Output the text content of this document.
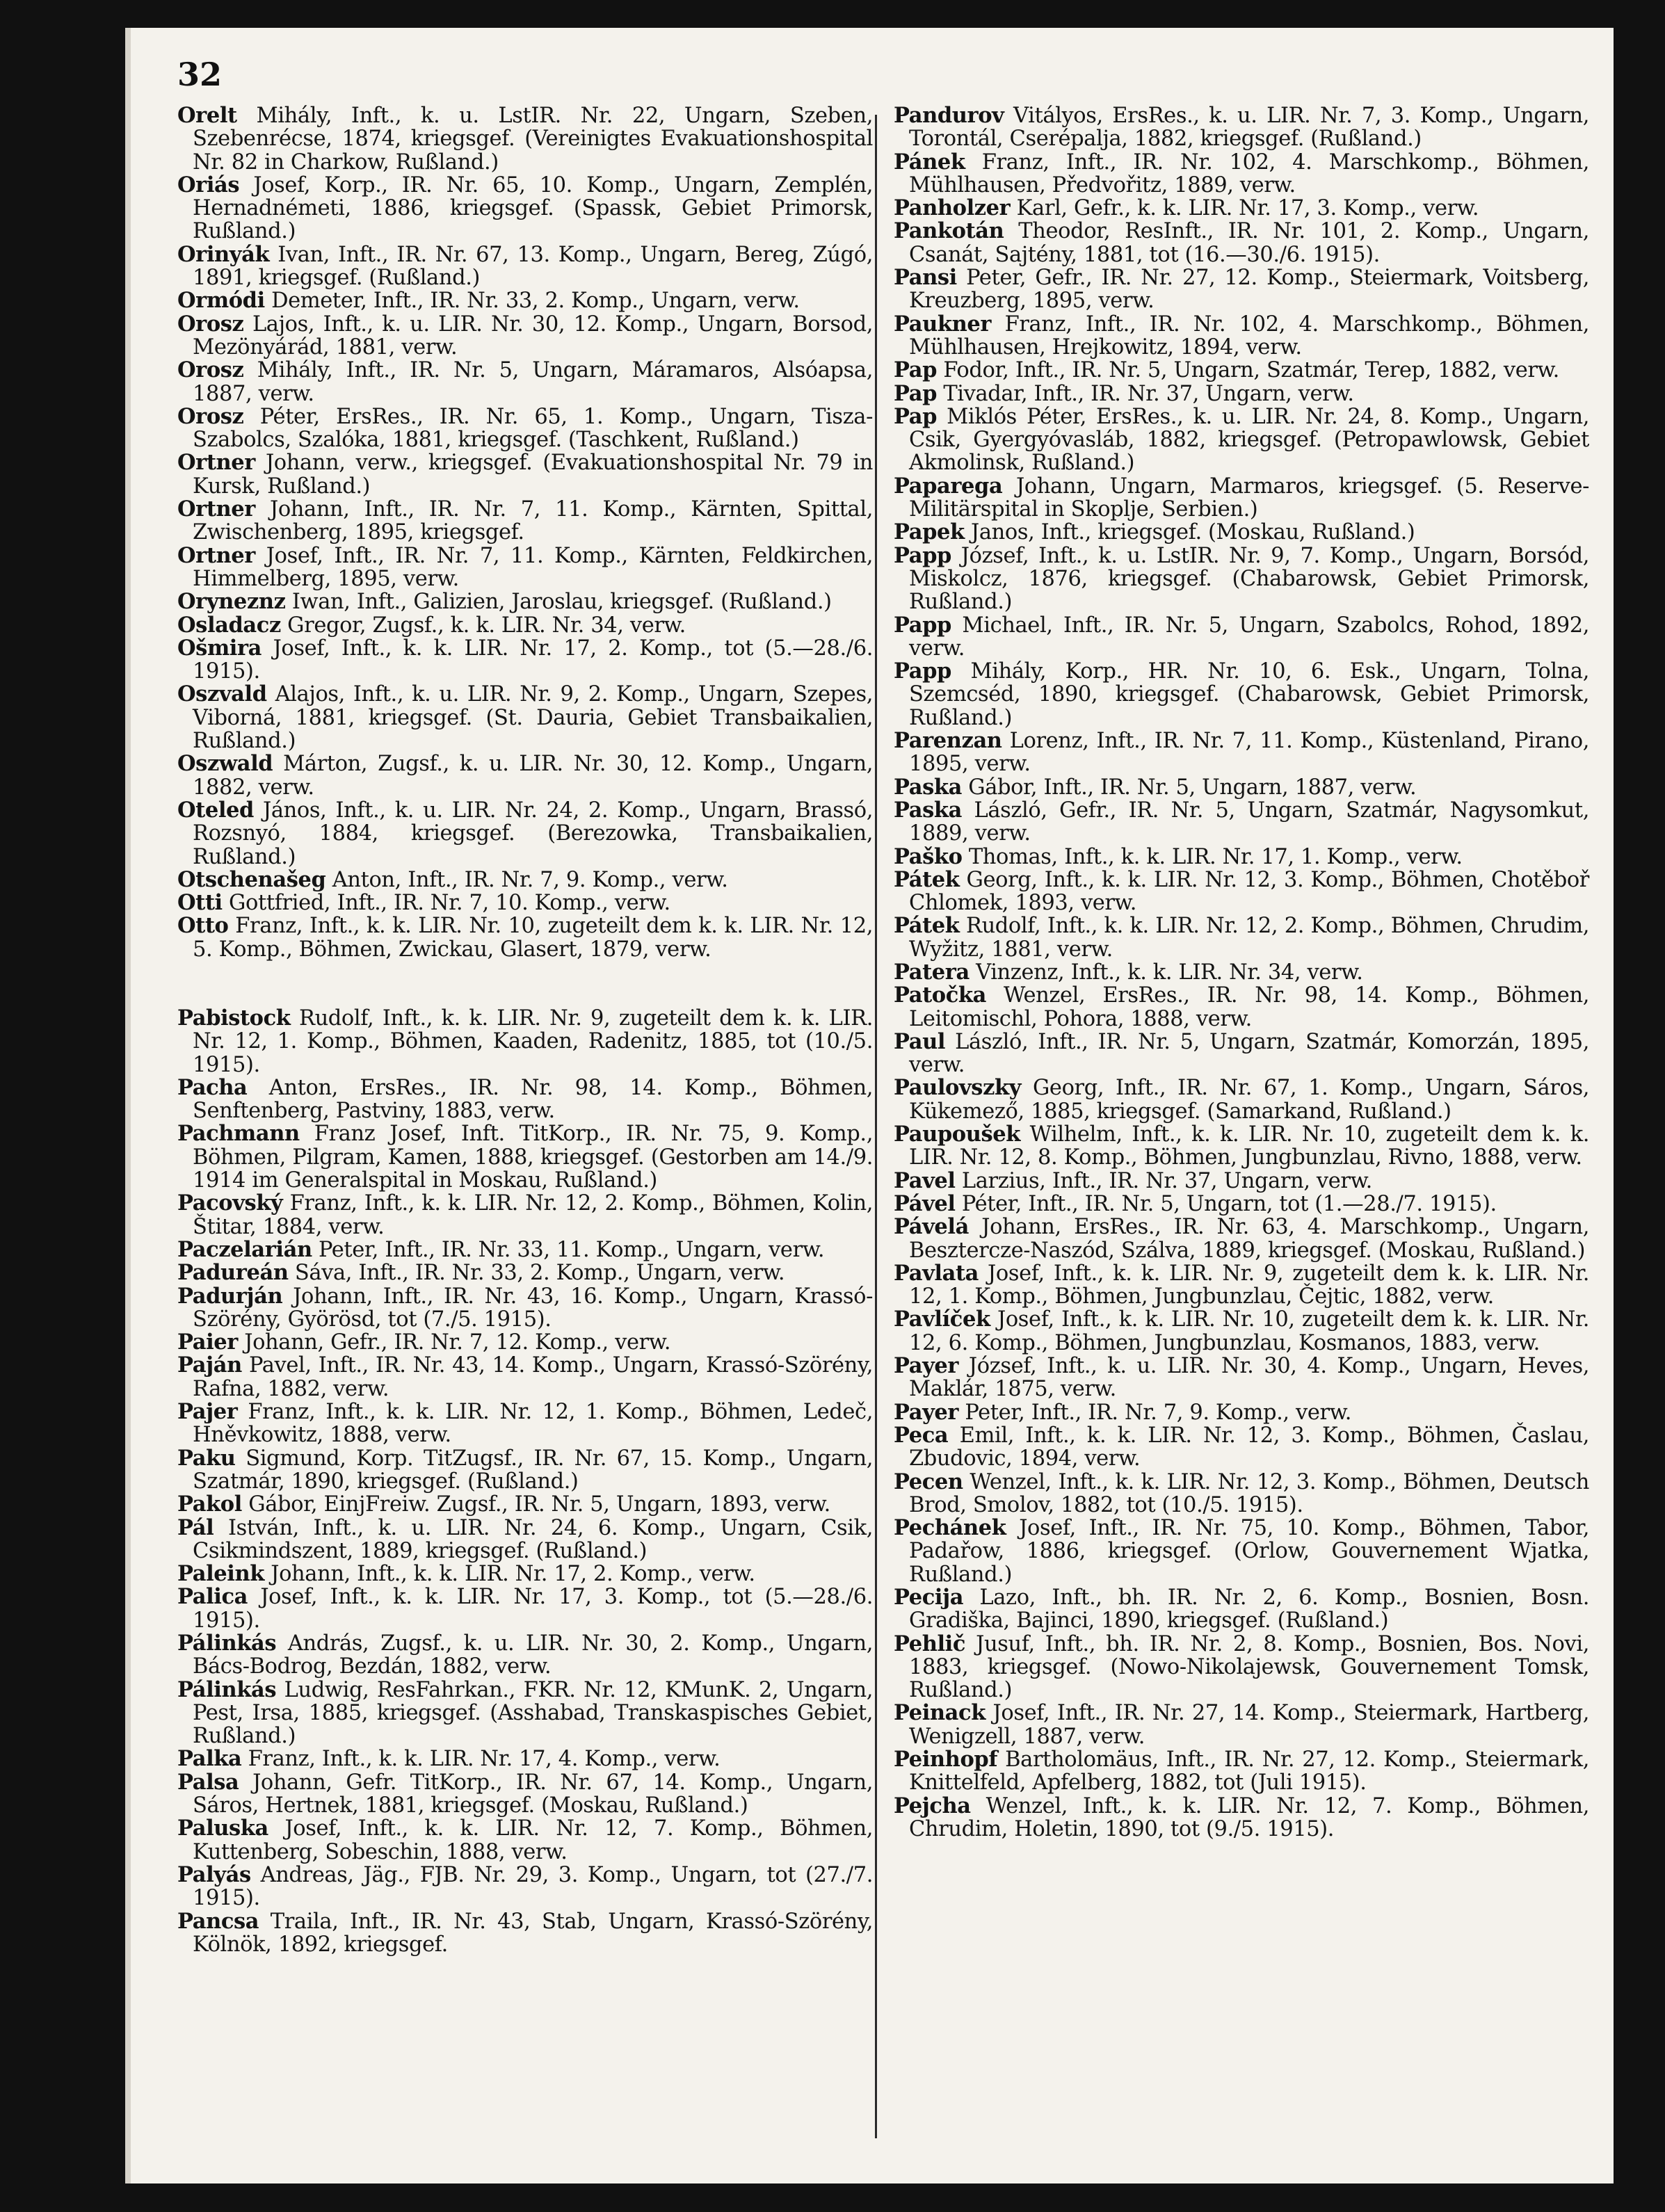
32

Orelt Mihály, Inft., k. u. LstIR. Nr. 22, Ungarn, Szeben, Szebenrécse, 1874, kriegsgef. (Vereinigtes Evakuationshospital Nr. 82 in Charkow, Rußland.)

Oriás Josef, Korp., IR. Nr. 65, 10. Komp., Ungarn, Zemplén, Hernadnémeti, 1886, kriegsgef. (Spassk, Gebiet Primorsk, Rußland.)

Orinyák Ivan, Inft., IR. Nr. 67, 13. Komp., Ungarn, Bereg, Zúgó, 1891, kriegsgef. (Rußland.)

Ormódi Demeter, Inft., IR. Nr. 33, 2. Komp., Ungarn, verw.

Orosz Lajos, Inft., k. u. LIR. Nr. 30, 12. Komp., Ungarn, Borsod, Mezönyárád, 1881, verw.

Orosz Mihály, Inft., IR. Nr. 5, Ungarn, Máramaros, Alsóapsa, 1887, verw.

Orosz Péter, ErsRes., IR. Nr. 65, 1. Komp., Ungarn, Tisza-Szabolcs, Szalóka, 1881, kriegsgef. (Taschkent, Rußland.)

Ortner Johann, verw., kriegsgef. (Evakuationshospital Nr. 79 in Kursk, Rußland.)

Ortner Johann, Inft., IR. Nr. 7, 11. Komp., Kärnten, Spittal, Zwischenberg, 1895, kriegsgef.

Ortner Josef, Inft., IR. Nr. 7, 11. Komp., Kärnten, Feldkirchen, Himmelberg, 1895, verw.

Oryneznz Iwan, Inft., Galizien, Jaroslau, kriegsgef. (Rußland.)

Osladacz Gregor, Zugsf., k. k. LIR. Nr. 34, verw.

Ošmira Josef, Inft., k. k. LIR. Nr. 17, 2. Komp., tot (5.—28./6. 1915).

Oszvald Alajos, Inft., k. u. LIR. Nr. 9, 2. Komp., Ungarn, Szepes, Viborná, 1881, kriegsgef. (St. Dauria, Gebiet Transbaikalien, Rußland.)

Oszwald Márton, Zugsf., k. u. LIR. Nr. 30, 12. Komp., Ungarn, 1882, verw.

Oteled János, Inft., k. u. LIR. Nr. 24, 2. Komp., Ungarn, Brassó, Rozsnyó, 1884, kriegsgef. (Berezowka, Transbaikalien, Rußland.)

Otschenašeg Anton, Inft., IR. Nr. 7, 9. Komp., verw.

Otti Gottfried, Inft., IR. Nr. 7, 10. Komp., verw.

Otto Franz, Inft., k. k. LIR. Nr. 10, zugeteilt dem k. k. LIR. Nr. 12, 5. Komp., Böhmen, Zwickau, Glasert, 1879, verw.

Pabistock Rudolf, Inft., k. k. LIR. Nr. 9, zugeteilt dem k. k. LIR. Nr. 12, 1. Komp., Böhmen, Kaaden, Radenitz, 1885, tot (10./5. 1915).

Pacha Anton, ErsRes., IR. Nr. 98, 14. Komp., Böhmen, Senftenberg, Pastviny, 1883, verw.

Pachmann Franz Josef, Inft. TitKorp., IR. Nr. 75, 9. Komp., Böhmen, Pilgram, Kamen, 1888, kriegsgef. (Gestorben am 14./9. 1914 im Generalspital in Moskau, Rußland.)

Pacovský Franz, Inft., k. k. LIR. Nr. 12, 2. Komp., Böhmen, Kolin, Štitar, 1884, verw.

Paczelarián Peter, Inft., IR. Nr. 33, 11. Komp., Ungarn, verw.

Padureán Sáva, Inft., IR. Nr. 33, 2. Komp., Ungarn, verw.

Padurján Johann, Inft., IR. Nr. 43, 16. Komp., Ungarn, Krassó-Szörény, Györösd, tot (7./5. 1915).

Paier Johann, Gefr., IR. Nr. 7, 12. Komp., verw.

Paján Pavel, Inft., IR. Nr. 43, 14. Komp., Ungarn, Krassó-Szörény, Rafna, 1882, verw.

Pajer Franz, Inft., k. k. LIR. Nr. 12, 1. Komp., Böhmen, Ledeč, Hněvkowitz, 1888, verw.

Paku Sigmund, Korp. TitZugsf., IR. Nr. 67, 15. Komp., Ungarn, Szatmár, 1890, kriegsgef. (Rußland.)

Pakol Gábor, EinjFreiw. Zugsf., IR. Nr. 5, Ungarn, 1893, verw.

Pál István, Inft., k. u. LIR. Nr. 24, 6. Komp., Ungarn, Csik, Csikmindszent, 1889, kriegsgef. (Rußland.)

Paleink Johann, Inft., k. k. LIR. Nr. 17, 2. Komp., verw.

Palica Josef, Inft., k. k. LIR. Nr. 17, 3. Komp., tot (5.—28./6. 1915).

Pálinkás András, Zugsf., k. u. LIR. Nr. 30, 2. Komp., Ungarn, Bács-Bodrog, Bezdán, 1882, verw.

Pálinkás Ludwig, ResFahrkan., FKR. Nr. 12, KMunK. 2, Ungarn, Pest, Irsa, 1885, kriegsgef. (Asshabad, Transkaspisches Gebiet, Rußland.)

Palka Franz, Inft., k. k. LIR. Nr. 17, 4. Komp., verw.

Palsa Johann, Gefr. TitKorp., IR. Nr. 67, 14. Komp., Ungarn, Sáros, Hertnek, 1881, kriegsgef. (Moskau, Rußland.)

Paluska Josef, Inft., k. k. LIR. Nr. 12, 7. Komp., Böhmen, Kuttenberg, Sobeschin, 1888, verw.

Palyás Andreas, Jäg., FJB. Nr. 29, 3. Komp., Ungarn, tot (27./7. 1915).

Pancsa Traila, Inft., IR. Nr. 43, Stab, Ungarn, Krassó-Szörény, Kölnök, 1892, kriegsgef.

Pandurov Vitályos, ErsRes., k. u. LIR. Nr. 7, 3. Komp., Ungarn, Torontál, Cserépalja, 1882, kriegsgef. (Rußland.)

Pánek Franz, Inft., IR. Nr. 102, 4. Marschkomp., Böhmen, Mühlhausen, Předvořitz, 1889, verw.

Panholzer Karl, Gefr., k. k. LIR. Nr. 17, 3. Komp., verw.

Pankotán Theodor, ResInft., IR. Nr. 101, 2. Komp., Ungarn, Csanát, Sajtény, 1881, tot (16.—30./6. 1915).

Pansi Peter, Gefr., IR. Nr. 27, 12. Komp., Steiermark, Voitsberg, Kreuzberg, 1895, verw.

Paukner Franz, Inft., IR. Nr. 102, 4. Marschkomp., Böhmen, Mühlhausen, Hrejkowitz, 1894, verw.

Pap Fodor, Inft., IR. Nr. 5, Ungarn, Szatmár, Terep, 1882, verw.

Pap Tivadar, Inft., IR. Nr. 37, Ungarn, verw.

Pap Miklós Péter, ErsRes., k. u. LIR. Nr. 24, 8. Komp., Ungarn, Csik, Gyergyóvasláb, 1882, kriegsgef. (Petropawlowsk, Gebiet Akmolinsk, Rußland.)

Paparega Johann, Ungarn, Marmaros, kriegsgef. (5. Reserve-Militärspital in Skoplje, Serbien.)

Papek Janos, Inft., kriegsgef. (Moskau, Rußland.)

Papp József, Inft., k. u. LstIR. Nr. 9, 7. Komp., Ungarn, Borsód, Miskolcz, 1876, kriegsgef. (Chabarowsk, Gebiet Primorsk, Rußland.)

Papp Michael, Inft., IR. Nr. 5, Ungarn, Szabolcs, Rohod, 1892, verw.

Papp Mihály, Korp., HR. Nr. 10, 6. Esk., Ungarn, Tolna, Szemcséd, 1890, kriegsgef. (Chabarowsk, Gebiet Primorsk, Rußland.)

Parenzan Lorenz, Inft., IR. Nr. 7, 11. Komp., Küstenland, Pirano, 1895, verw.

Paska Gábor, Inft., IR. Nr. 5, Ungarn, 1887, verw.

Paska László, Gefr., IR. Nr. 5, Ungarn, Szatmár, Nagysomkut, 1889, verw.

Paško Thomas, Inft., k. k. LIR. Nr. 17, 1. Komp., verw.

Pátek Georg, Inft., k. k. LIR. Nr. 12, 3. Komp., Böhmen, Chotěboř Chlomek, 1893, verw.

Pátek Rudolf, Inft., k. k. LIR. Nr. 12, 2. Komp., Böhmen, Chrudim, Wyžitz, 1881, verw.

Patera Vinzenz, Inft., k. k. LIR. Nr. 34, verw.

Patočka Wenzel, ErsRes., IR. Nr. 98, 14. Komp., Böhmen, Leitomischl, Pohora, 1888, verw.

Paul László, Inft., IR. Nr. 5, Ungarn, Szatmár, Komorzán, 1895, verw.

Paulovszky Georg, Inft., IR. Nr. 67, 1. Komp., Ungarn, Sáros, Kükemező, 1885, kriegsgef. (Samarkand, Rußland.)

Paupoušek Wilhelm, Inft., k. k. LIR. Nr. 10, zugeteilt dem k. k. LIR. Nr. 12, 8. Komp., Böhmen, Jungbunzlau, Rivno, 1888, verw.

Pavel Larzius, Inft., IR. Nr. 37, Ungarn, verw.

Pável Péter, Inft., IR. Nr. 5, Ungarn, tot (1.—28./7. 1915).

Pávelá Johann, ErsRes., IR. Nr. 63, 4. Marschkomp., Ungarn, Besztercze-Naszód, Szálva, 1889, kriegsgef. (Moskau, Rußland.)

Pavlata Josef, Inft., k. k. LIR. Nr. 9, zugeteilt dem k. k. LIR. Nr. 12, 1. Komp., Böhmen, Jungbunzlau, Čejtic, 1882, verw.

Pavlíček Josef, Inft., k. k. LIR. Nr. 10, zugeteilt dem k. k. LIR. Nr. 12, 6. Komp., Böhmen, Jungbunzlau, Kosmanos, 1883, verw.

Payer József, Inft., k. u. LIR. Nr. 30, 4. Komp., Ungarn, Heves, Maklár, 1875, verw.

Payer Peter, Inft., IR. Nr. 7, 9. Komp., verw.

Peca Emil, Inft., k. k. LIR. Nr. 12, 3. Komp., Böhmen, Časlau, Zbudovic, 1894, verw.

Pecen Wenzel, Inft., k. k. LIR. Nr. 12, 3. Komp., Böhmen, Deutsch Brod, Smolov, 1882, tot (10./5. 1915).

Pechánek Josef, Inft., IR. Nr. 75, 10. Komp., Böhmen, Tabor, Padařow, 1886, kriegsgef. (Orlow, Gouvernement Wjatka, Rußland.)

Pecija Lazo, Inft., bh. IR. Nr. 2, 6. Komp., Bosnien, Bosn. Gradiška, Bajinci, 1890, kriegsgef. (Rußland.)

Pehlič Jusuf, Inft., bh. IR. Nr. 2, 8. Komp., Bosnien, Bos. Novi, 1883, kriegsgef. (Nowo-Nikolajewsk, Gouvernement Tomsk, Rußland.)

Peinack Josef, Inft., IR. Nr. 27, 14. Komp., Steiermark, Hartberg, Wenigzell, 1887, verw.

Peinhopf Bartholomäus, Inft., IR. Nr. 27, 12. Komp., Steiermark, Knittelfeld, Apfelberg, 1882, tot (Juli 1915).

Pejcha Wenzel, Inft., k. k. LIR. Nr. 12, 7. Komp., Böhmen, Chrudim, Holetin, 1890, tot (9./5. 1915).
